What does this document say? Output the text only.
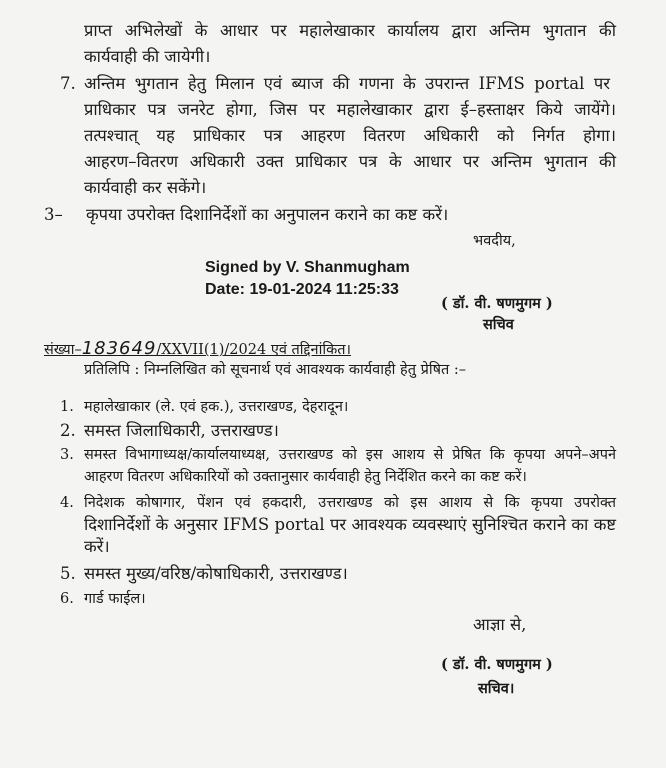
प्राप्त अभिलेखों के आधार पर महालेखाकार कार्यालय द्वारा अन्तिम भुगतान की
कार्यवाही की जायेगी।
7. अन्तिम भुगतान हेतु मिलान एवं ब्याज की गणना के उपरान्त IFMS portal पर
प्राधिकार पत्र जनरेट होगा, जिस पर महालेखाकार द्वारा ई–हस्ताक्षर किये जायेंगे।
तत्पश्चात् यह प्राधिकार पत्र आहरण वितरण अधिकारी को निर्गत होगा।
आहरण–वितरण अधिकारी उक्त प्राधिकार पत्र के आधार पर अन्तिम भुगतान की
कार्यवाही कर सकेंगे।
3– कृपया उपरोक्त दिशानिर्देशों का अनुपालन कराने का कष्ट करें।
भवदीय,
Signed by V. Shanmugham
Date: 19-01-2024 11:25:33
( डॉ. वी. षणमुगम )
सचिव
संख्या–183649/XXVII(1)/2024 एवं तद्दिनांकित।
प्रतिलिपि : निम्नलिखित को सूचनार्थ एवं आवश्यक कार्यवाही हेतु प्रेषित :–
1. महालेखाकार (ले. एवं हक.), उत्तराखण्ड, देहरादून।
2. समस्त जिलाधिकारी, उत्तराखण्ड।
3. समस्त विभागाध्यक्ष/कार्यालयाध्यक्ष, उत्तराखण्ड को इस आशय से प्रेषित कि कृपया अपने–अपने
आहरण वितरण अधिकारियों को उक्तानुसार कार्यवाही हेतु निर्देशित करने का कष्ट करें।
4. निदेशक कोषागार, पेंशन एवं हकदारी, उत्तराखण्ड को इस आशय से कि कृपया उपरोक्त
दिशानिर्देशों के अनुसार IFMS portal पर आवश्यक व्यवस्थाएं सुनिश्चित कराने का कष्ट
करें।
5. समस्त मुख्य/वरिष्ठ/कोषाधिकारी, उत्तराखण्ड।
6. गार्ड फाईल।
आज्ञा से,
( डॉ. वी. षणमुगम )
सचिव।
